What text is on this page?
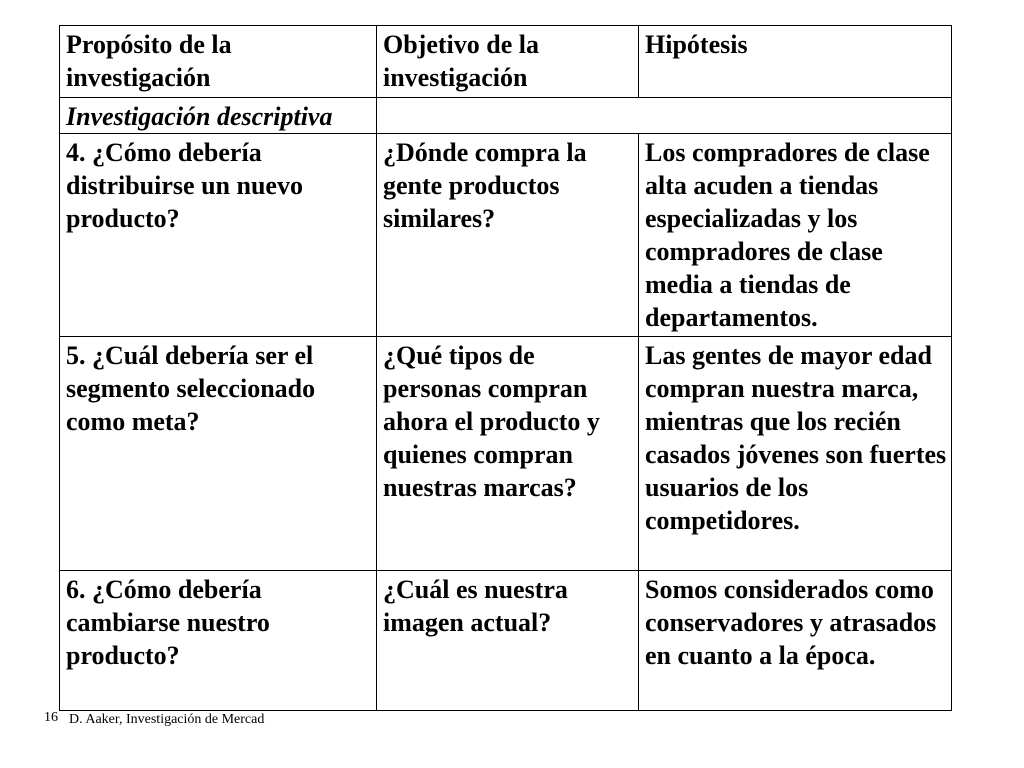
Propósito de la investigación	Objetivo de la investigación	Hipótesis
Investigación descriptiva		
4. ¿Cómo debería distribuirse un nuevo producto?	¿Dónde compra la gente productos similares?	Los compradores de clase alta acuden a tiendas especializadas y los compradores de clase media a tiendas de departamentos.
5. ¿Cuál debería ser el segmento seleccionado como meta?	¿Qué tipos de personas compran ahora el producto y quienes compran nuestras marcas?	Las gentes de mayor edad compran nuestra marca, mientras que los recién casados jóvenes son fuertes usuarios de los competidores.
6. ¿Cómo debería cambiarse nuestro producto?	¿Cuál es nuestra imagen actual?	Somos considerados como conservadores y atrasados en cuanto a la época.
16 D. Aaker, Investigación de Mercad
